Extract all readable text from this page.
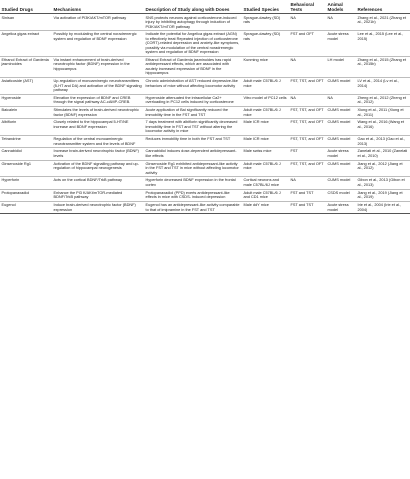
Studied Drugs	Mechanisms	Description of Study along with Doses	Studied Species	Behavioral Tests	Animal Models	References
Sinisan	Via activation of PI3K/AKT/mTOR pathway	SNS protects neurons against corticosterone-induced injury by inhibiting autophagy through induction of PI3K/AKT/mTOR pathway	Sprague-dawley (SD) rats	NA	NA	Zhang et al., 2021 (Zhang et al., 2021b)
Angelica gigas extract	Possibly by modulating the central noradrenergic system and regulation of BDNF expression	Indicate the potential for Angelica gigas extract (AGN) to effectively treat Repeated injection of corticosterone (CORT)-related depression and anxiety-like symptoms, possibly via modulation of the central noradrenergic system and regulation of BDNF expression	Sprague-dawley (SD) rats	FST and OFT	Acute stress model	Lee et al., 2015 (Lee et al., 2015)
Ethanol Extract of Gardenia jasminoides	Via instant enhancement of brain-derived neurotrophic factor (BDNF) expression in the hippocampus	Ethanol Extract of Gardenia jasminoides has rapid antidepressant effects, which are associated with acutely increased expression of BDNF in the hippocampus	Kunming mice	NA	LH model	Zhang et al., 2015 (Zhang et al., 2015b)
Asiaticoside (AST)	Up-regulation of monoaminergic neurotransmitters (5-HT and DA) and activation of the BDNF signaling pathway	Chronic administration of AST reduced depressive-like behaviors of mice without affecting locomotor activity	Adult male C57BL/6 J mice	FST, TST, and OFT	CUMS model	LV et al., 2014 (Lv et al., 2014)
Hyperoside	Elevation the expression of BDNF and CREB through the signal pathway AC-cAMP-CREB.	Hyperoside attenuated the intracellular Ca2+ overloading in PC12 cells induced by corticosterone	Vitro model of PC12 cells	NA	NA	Zheng et al., 2012 (Zheng et al., 2012)
Baicalein	Stimulates the levels of brain-derived neurotrophic factor (BDNF) expression	Acute application of Bai significantly reduced the immobility time in the FST and TST	Adult male C57BL/6 J mice	FST, TST, and OFT	CUMS model	Xiong et al., 2011 (Xiong et al., 2011)
Albiflorin	Closely related to the hippocampal 5-HT/NE increase and BDNF expression	7 days treatment with albiflorin significantly decreased immobility time in FST and TST without altering the locomotor activity in mice	Male ICR mice	FST, TST, and OFT	CUMS model	Wang et al., 2016 (Wang et al., 2016)
Tetrandrine	Regulation of the central monoaminergic neurotransmitter system and the levels of BDNF	Reduces immobility time in both the FST and TST	Male ICR mice	FST, TST, and OFT	CUMS model	Gao et al., 2013 (Gao et al., 2013)
Cannabidiol	Increase brain-derived neurotrophic factor (BDNF) levels	Cannabidiol induces dose-dependent antidepressant-like effects	Male swiss mice	FST	Acute stress model	Zanelati et al., 2010 (Zanelati et al., 2010)
Ginsenoside Rg1	Activation of the BDNF signalling pathway and up-regulation of hippocampal neurogenesis	Ginsenoside Rg1 exhibited antidepressant-like activity in the FST and TST in mice without affecting locomotor activity	Adult male C57BL/6 J mice	FST, TST, and OFT	CUMS model	Jiang et al., 2012 (Jiang et al., 2012)
Hyperforin	Acts on the cortical BDNF/TrkB pathway	Hyperforin decreased BDNF expression in the frontal cortex	Cortical neurons and male C57BL/6J mice	NA	CUMS model	Gibon et al., 2013 (Gibon et al., 2013)
Protopanaxadiol	Enhance the PI3 K/AKt/mTOR-mediated BDNF/TrkB pathway	Protopanaxadiol (PPD) exerts antidepressant-like effects in mice with CSDS- induced depression	Adult male C57BL/6 J and CD1 mice	FST and TST	CSDS model	Jiang et al., 2019 (Jiang et al., 2019)
Eugenol	Induce brain-derived neurotrophic factor (BDNF) expression	Eugenol has an antidepressant-like activity comparable to that of imipramine in the FST and TST	Male ddY mice	FST and TST	Acute stress model	Irie et al., 2004 (Irie et al., 2004)
